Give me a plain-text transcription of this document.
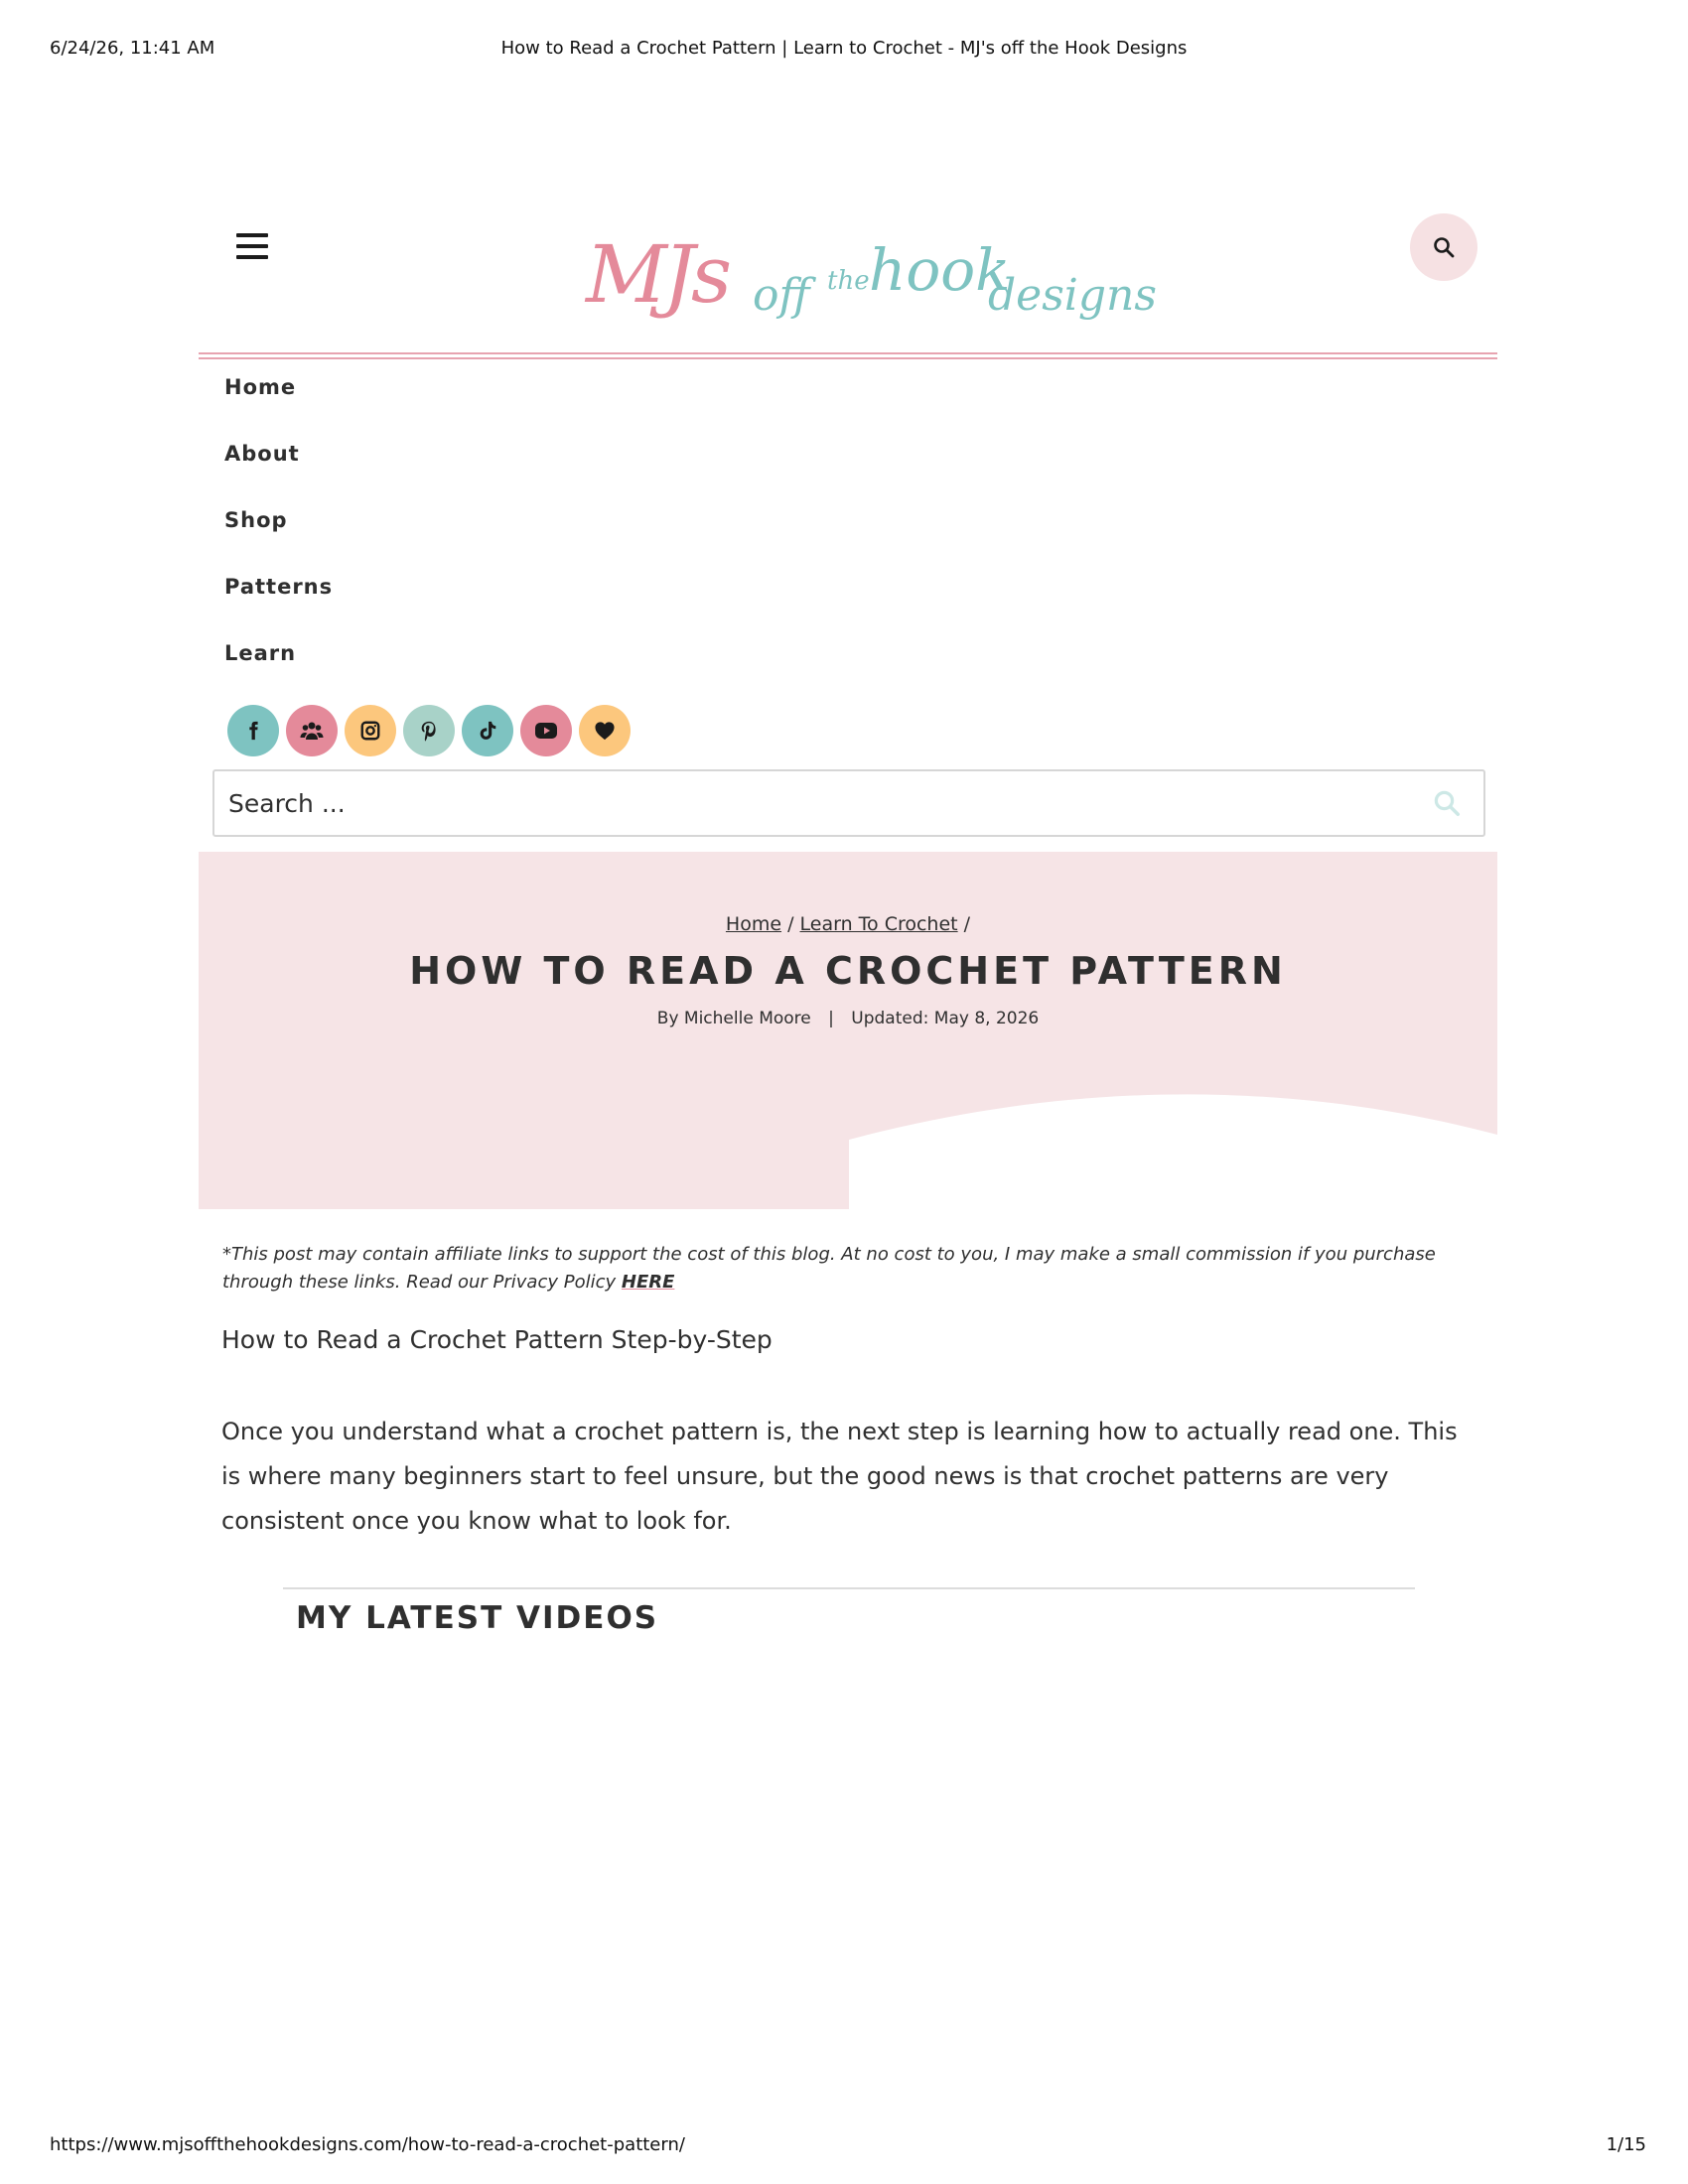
6/24/26, 11:41 AM	How to Read a Crochet Pattern | Learn to Crochet - MJ's off the Hook Designs
MJs off the hook
designs
Home
About
Shop
Patterns
Learn
Search ...
Home / Learn To Crochet /
HOW TO READ A CROCHET PATTERN
By Michelle Moore | Updated: May 8, 2026

*This post may contain affiliate links to support the cost of this blog. At no cost to you, I may make a small commission if you purchase through these links. Read our Privacy Policy HERE

How to Read a Crochet Pattern Step-by-Step

Once you understand what a crochet pattern is, the next step is learning how to actually read one. This is where many beginners start to feel unsure, but the good news is that crochet patterns are very consistent once you know what to look for.

MY LATEST VIDEOS
https://www.mjsoffthehookdesigns.com/how-to-read-a-crochet-pattern/	1/15
